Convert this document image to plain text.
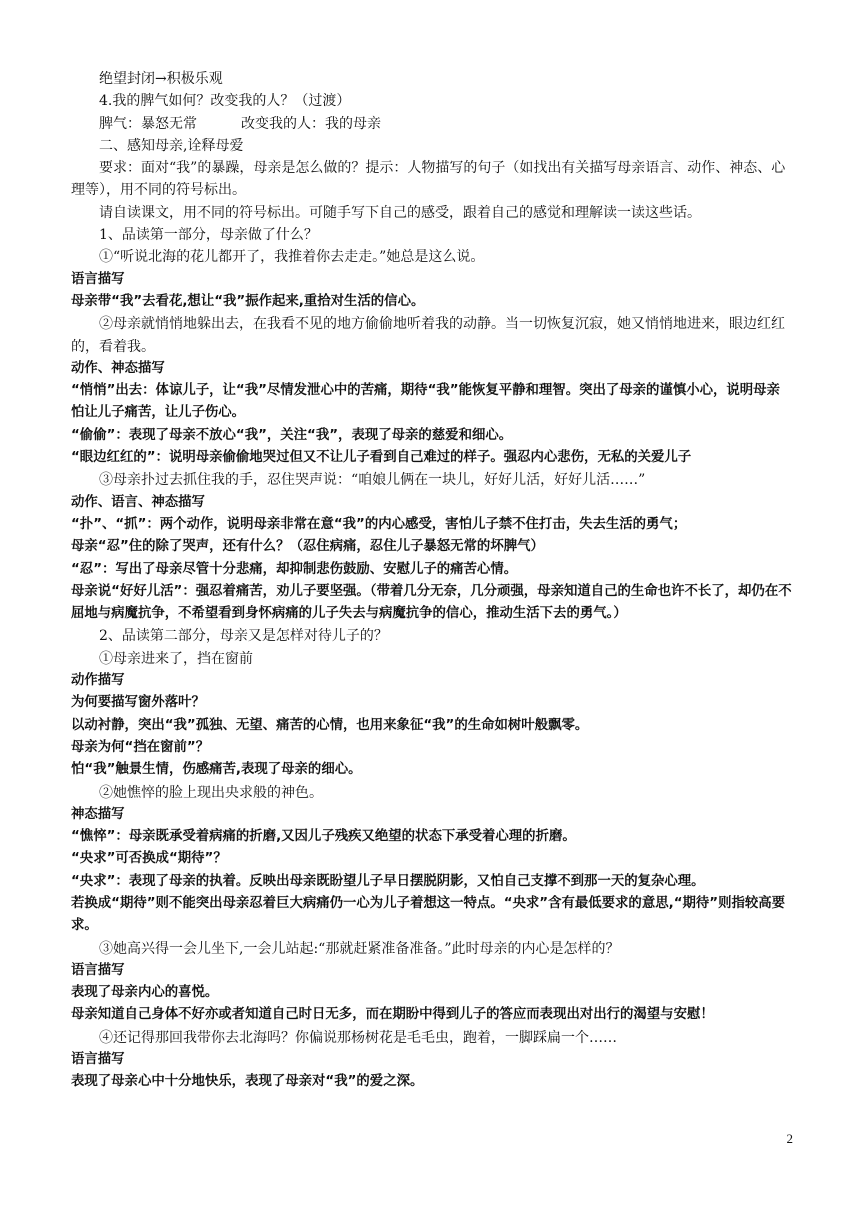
绝望封闭→积极乐观

4.我的脾气如何？改变我的人？（过渡）

脾气：暴怒无常	改变我的人：我的母亲

二、感知母亲,诠释母爱

要求：面对“我”的暴躁，母亲是怎么做的？提示：人物描写的句子（如找出有关描写母亲语言、动作、神态、心理等），用不同的符号标出。

请自读课文，用不同的符号标出。可随手写下自己的感受，跟着自己的感觉和理解读一读这些话。

1、品读第一部分，母亲做了什么？

①“听说北海的花儿都开了，我推着你去走走。”她总是这么说。

语言描写

母亲带“我”去看花,想让“我”振作起来,重拾对生活的信心。

②母亲就悄悄地躲出去，在我看不见的地方偷偷地听着我的动静。当一切恢复沉寂，她又悄悄地进来，眼边红红的，看着我。

动作、神态描写

“悄悄”出去：体谅儿子，让“我”尽情发泄心中的苦痛，期待“我”能恢复平静和理智。突出了母亲的谨慎小心，说明母亲怕让儿子痛苦，让儿子伤心。

“偷偷”：表现了母亲不放心“我”，关注“我”，表现了母亲的慈爱和细心。

“眼边红红的”：说明母亲偷偷地哭过但又不让儿子看到自己难过的样子。强忍内心悲伤，无私的关爱儿子

③母亲扑过去抓住我的手，忍住哭声说：“咱娘儿俩在一块儿，好好儿活，好好儿活……”

动作、语言、神态描写

“扑”、“抓”：两个动作，说明母亲非常在意“我”的内心感受，害怕儿子禁不住打击，失去生活的勇气；

母亲“忍”住的除了哭声，还有什么？（忍住病痛，忍住儿子暴怒无常的坏脾气）

“忍”：写出了母亲尽管十分悲痛，却抑制悲伤鼓励、安慰儿子的痛苦心情。

母亲说“好好儿活”：强忍着痛苦，劝儿子要坚强。（带着几分无奈，几分顽强，母亲知道自己的生命也许不长了，却仍在不屈地与病魔抗争，不希望看到身怀病痛的儿子失去与病魔抗争的信心，推动生活下去的勇气。）

2、品读第二部分，母亲又是怎样对待儿子的？

①母亲进来了，挡在窗前

动作描写

为何要描写窗外落叶？

以动衬静，突出“我”孤独、无望、痛苦的心情，也用来象征“我”的生命如树叶般飘零。

母亲为何“挡在窗前”？

怕“我”触景生情，伤感痛苦,表现了母亲的细心。

②她憔悴的脸上现出央求般的神色。

神态描写

“憔悴”：母亲既承受着病痛的折磨,又因儿子残疾又绝望的状态下承受着心理的折磨。

“央求”可否换成“期待”？

“央求”：表现了母亲的执着。反映出母亲既盼望儿子早日摆脱阴影，又怕自己支撑不到那一天的复杂心理。

若换成“期待”则不能突出母亲忍着巨大病痛仍一心为儿子着想这一特点。“央求”含有最低要求的意思,“期待”则指较高要求。

③她高兴得一会儿坐下,一会儿站起:“那就赶紧准备准备。”此时母亲的内心是怎样的？

语言描写

表现了母亲内心的喜悦。

母亲知道自己身体不好亦或者知道自己时日无多，而在期盼中得到儿子的答应而表现出对出行的渴望与安慰！

④还记得那回我带你去北海吗？你偏说那杨树花是毛毛虫，跑着，一脚踩扁一个……

语言描写

表现了母亲心中十分地快乐，表现了母亲对“我”的爱之深。

2
